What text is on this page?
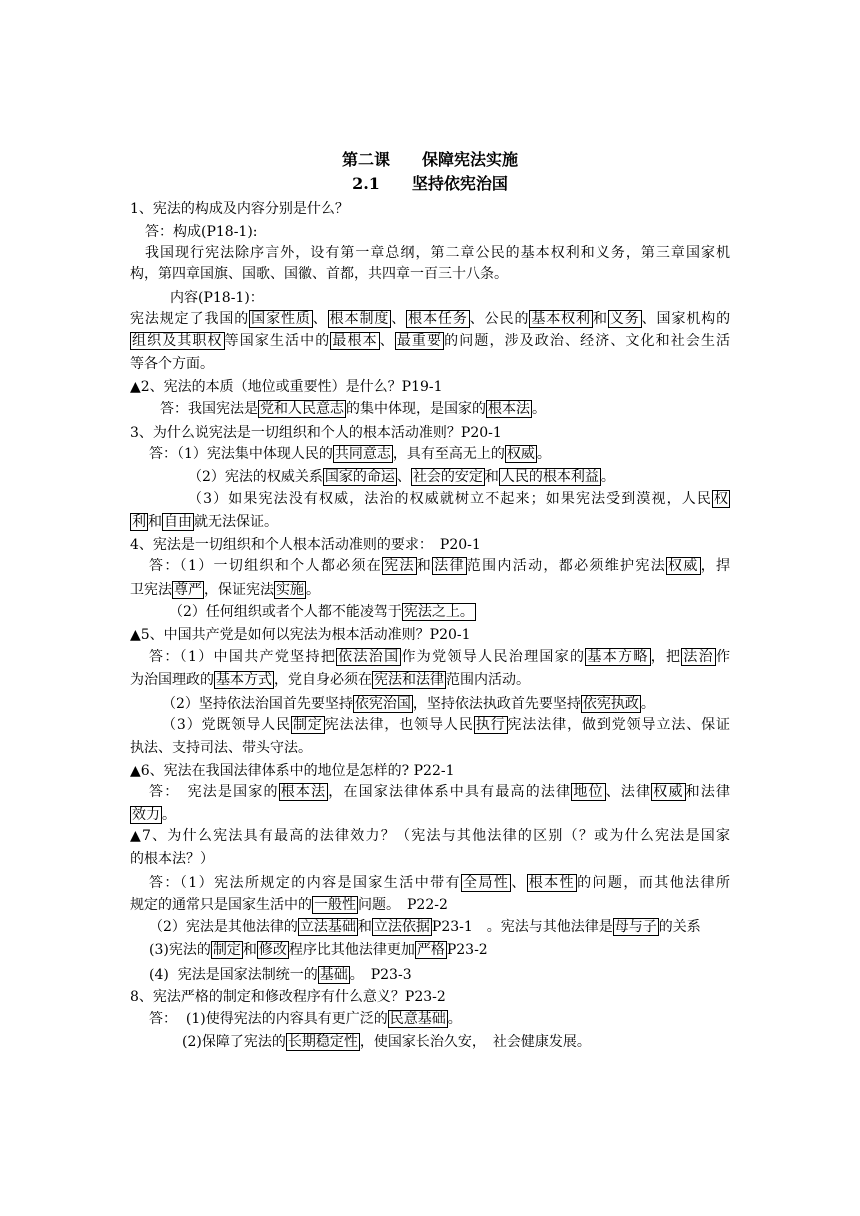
第二课　　保障宪法实施
2.1　　坚持依宪治国
1、宪法的构成及内容分别是什么？
答：构成(P18-1):
我国现行宪法除序言外，设有第一章总纲，第二章公民的基本权利和义务，第三章国家机
构，第四章国旗、国歌、国徽、首都，共四章一百三十八条。
内容(P18-1)：
宪法规定了我国的 国家性质 、 根本制度 、 根本任务 、公民的 基本权利 和 义务 、国家机构的
组织及其职权 等国家生活中的 最根本 、 最重要 的问题，涉及政治、经济、文化和社会生活
等各个方面。
▲2、宪法的本质（地位或重要性）是什么？P19-1
答：我国宪法是 党和人民意志 的集中体现，是国家的 根本法 。
3、为什么说宪法是一切组织和个人的根本活动准则？P20-1
答：（1）宪法集中体现人民的 共同意志 ，具有至高无上的 权威 。
（2）宪法的权威关系 国家的命运 、 社会的安定 和 人民的根本利益 。
（3）如果宪法没有权威，法治的权威就树立不起来；如果宪法受到漠视，人民 权
利 和 自由 就无法保证。
4、宪法是一切组织和个人根本活动准则的要求：　P20-1
答：（1）一切组织和个人都必须在 宪法 和 法律 范围内活动，都必须维护宪法 权威 ，捍
卫宪法 尊严 ，保证宪法 实施 。
（2）任何组织或者个人都不能凌驾于 宪法之上。
▲5、中国共产党是如何以宪法为根本活动准则？P20-1
答：（1）中国共产党坚持把 依法治国 作为党领导人民治理国家的 基本方略 ，把 法治 作
为治国理政的 基本方式 ，党自身必须在 宪法和法律 范围内活动。
（2）坚持依法治国首先要坚持 依宪治国 ，坚持依法执政首先要坚持 依宪执政 。
（3）党既领导人民 制定 宪法法律，也领导人民 执行 宪法法律，做到党领导立法、保证
执法、支持司法、带头守法。
▲6、宪法在我国法律体系中的地位是怎样的? P22-1
答：　宪法是国家的 根本法 ，在国家法律体系中具有最高的法律 地位 、法律 权威 和法律
效力 。
▲7、为什么宪法具有最高的法律效力？（宪法与其他法律的区别（？或为什么宪法是国家
的根本法？）
答：（1）宪法所规定的内容是国家生活中带有 全局性 、 根本性 的问题，而其他法律所
规定的通常只是国家生活中的 一般性 问题。　P22-2
（2）宪法是其他法律的 立法基础 和 立法依据 P23-1　。宪法与其他法律是 母与子 的关系
(3)宪法的 制定 和 修改 程序比其他法律更加 严格 P23-2
(4)  宪法是国家法制统一的 基础 。　P23-3
8、宪法严格的制定和修改程序有什么意义？P23-2
答：  (1)使得宪法的内容具有更广泛的 民意基础 。
(2)保障了宪法的 长期稳定性 ，使国家长治久安，　社会健康发展。
